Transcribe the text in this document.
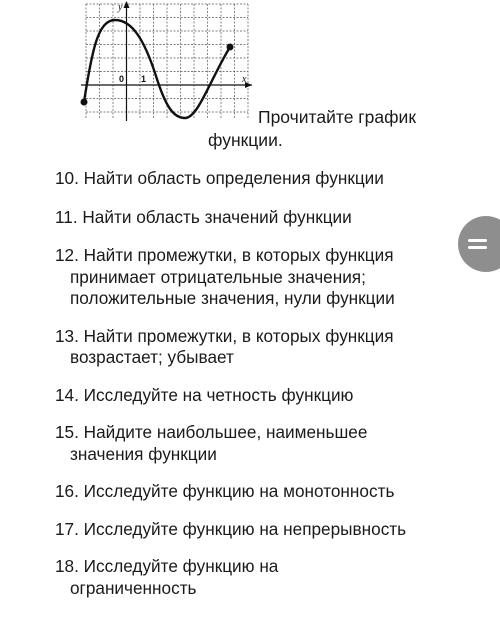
y
x
0 1
Прочитайте график
функции.
10. Найти область определения функции
11. Найти область значений функции
12. Найти промежутки, в которых функция
принимает отрицательные значения;
положительные значения, нули функции
13. Найти промежутки, в которых функция
возрастает; убывает
14. Исследуйте на четность функцию
15. Найдите наибольшее, наименьшее
значения функции
16. Исследуйте функцию на монотонность
17. Исследуйте функцию на непрерывность
18. Исследуйте функцию на
ограниченность
